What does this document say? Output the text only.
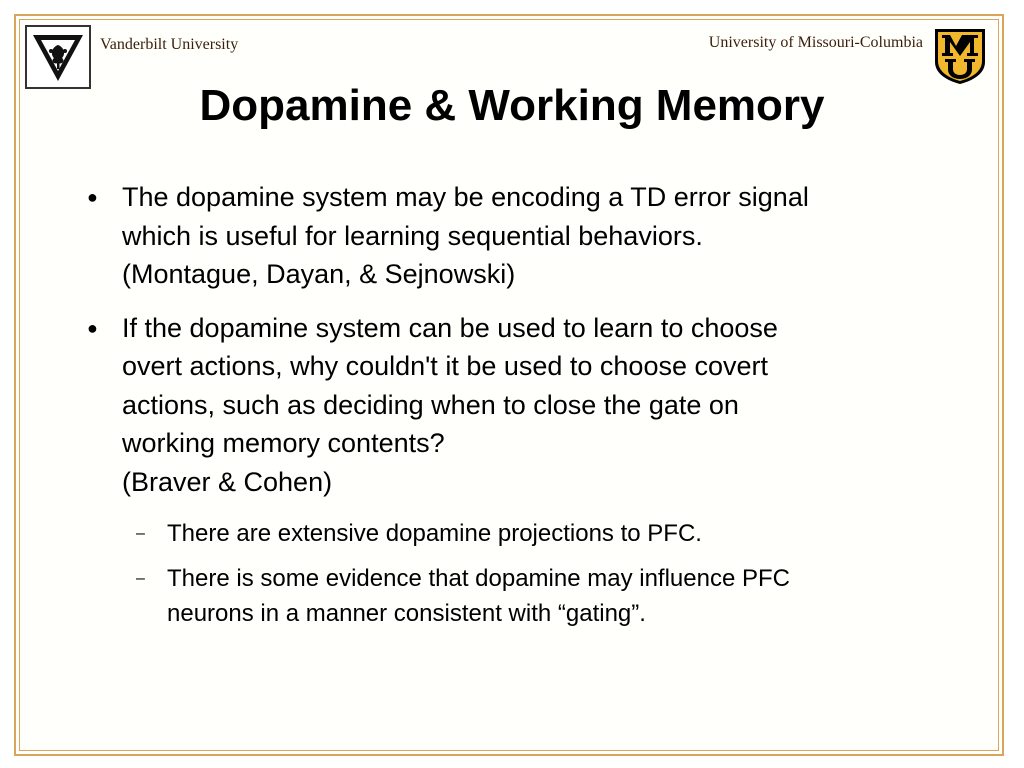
Vanderbilt University	University of Missouri-Columbia
Dopamine & Working Memory
● The dopamine system may be encoding a TD error signal
which is useful for learning sequential behaviors.
(Montague, Dayan, & Sejnowski)
● If the dopamine system can be used to learn to choose
overt actions, why couldn't it be used to choose covert
actions, such as deciding when to close the gate on
working memory contents?
(Braver & Cohen)
– There are extensive dopamine projections to PFC.
– There is some evidence that dopamine may influence PFC
neurons in a manner consistent with “gating”.
